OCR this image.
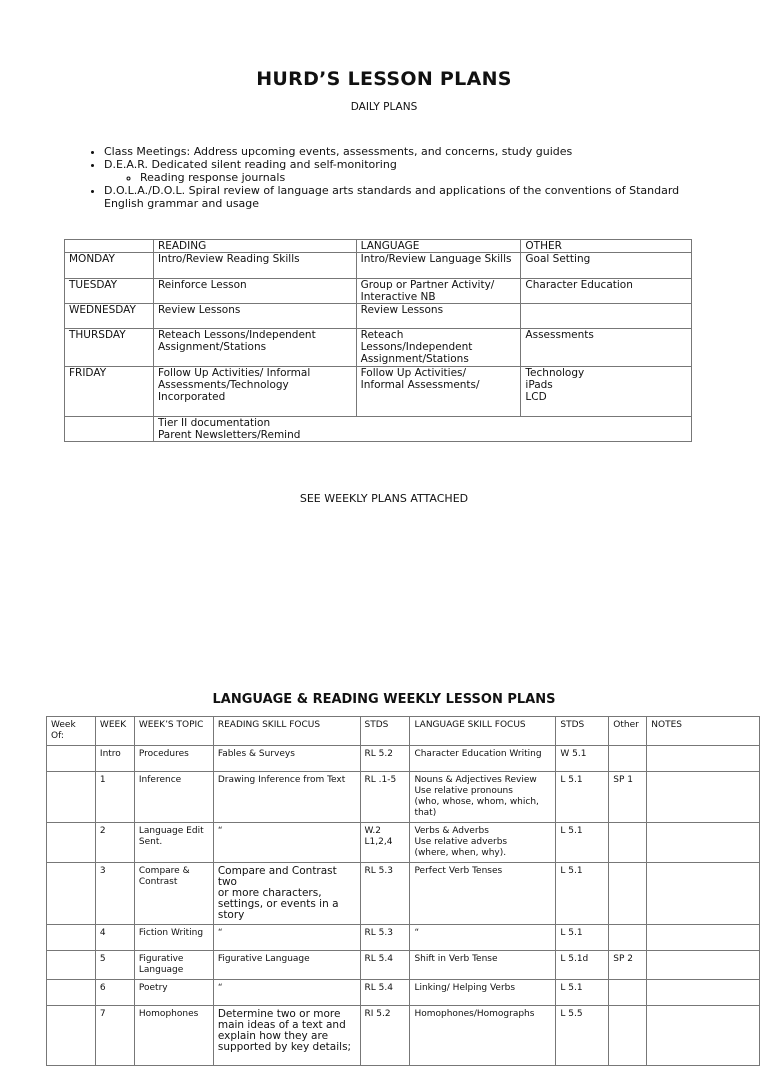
HURD’S LESSON PLANS
DAILY PLANS
• Class Meetings: Address upcoming events, assessments, and concerns, study guides
• D.E.A.R. Dedicated silent reading and self-monitoring
◦ Reading response journals
• D.O.L.A./D.O.L. Spiral review of language arts standards and applications of the conventions of Standard English grammar and usage
	READING	LANGUAGE	OTHER
MONDAY	Intro/Review Reading Skills	Intro/Review Language Skills	Goal Setting
TUESDAY	Reinforce Lesson	Group or Partner Activity/
Interactive NB	Character Education
WEDNESDAY	Review Lessons	Review Lessons	
THURSDAY	Reteach Lessons/Independent
Assignment/Stations	Reteach
Lessons/Independent
Assignment/Stations	Assessments
FRIDAY	Follow Up Activities/ Informal
Assessments/Technology
Incorporated	Follow Up Activities/
Informal Assessments/	Technology
iPads
LCD
	Tier II documentation
Parent Newsletters/Remind		
SEE WEEKLY PLANS ATTACHED
LANGUAGE & READING WEEKLY LESSON PLANS
Week
Of:	WEEK	WEEK’S TOPIC	READING SKILL FOCUS	STDS	LANGUAGE SKILL FOCUS	STDS	Other	NOTES
	Intro	Procedures	Fables & Surveys	RL 5.2	Character Education Writing	W 5.1		
	1	Inference	Drawing Inference from Text	RL .1-5	Nouns & Adjectives Review
Use relative pronouns
(who, whose, whom, which,
that)	L 5.1	SP 1	
	2	Language Edit
Sent.	“	W.2
L1,2,4	Verbs & Adverbs
Use relative adverbs
(where, when, why).	L 5.1		
	3	Compare &
Contrast	Compare and Contrast two
or more characters,
settings, or events in a
story	RL 5.3	Perfect Verb Tenses	L 5.1		
	4	Fiction Writing	“	RL 5.3	“	L 5.1		
	5	Figurative
Language	Figurative Language	RL 5.4	Shift in Verb Tense	L 5.1d	SP 2	
	6	Poetry	“	RL 5.4	Linking/ Helping Verbs	L 5.1		
	7	Homophones	Determine two or more
main ideas of a text and
explain how they are
supported by key details;	RI 5.2	Homophones/Homographs	L 5.5		
